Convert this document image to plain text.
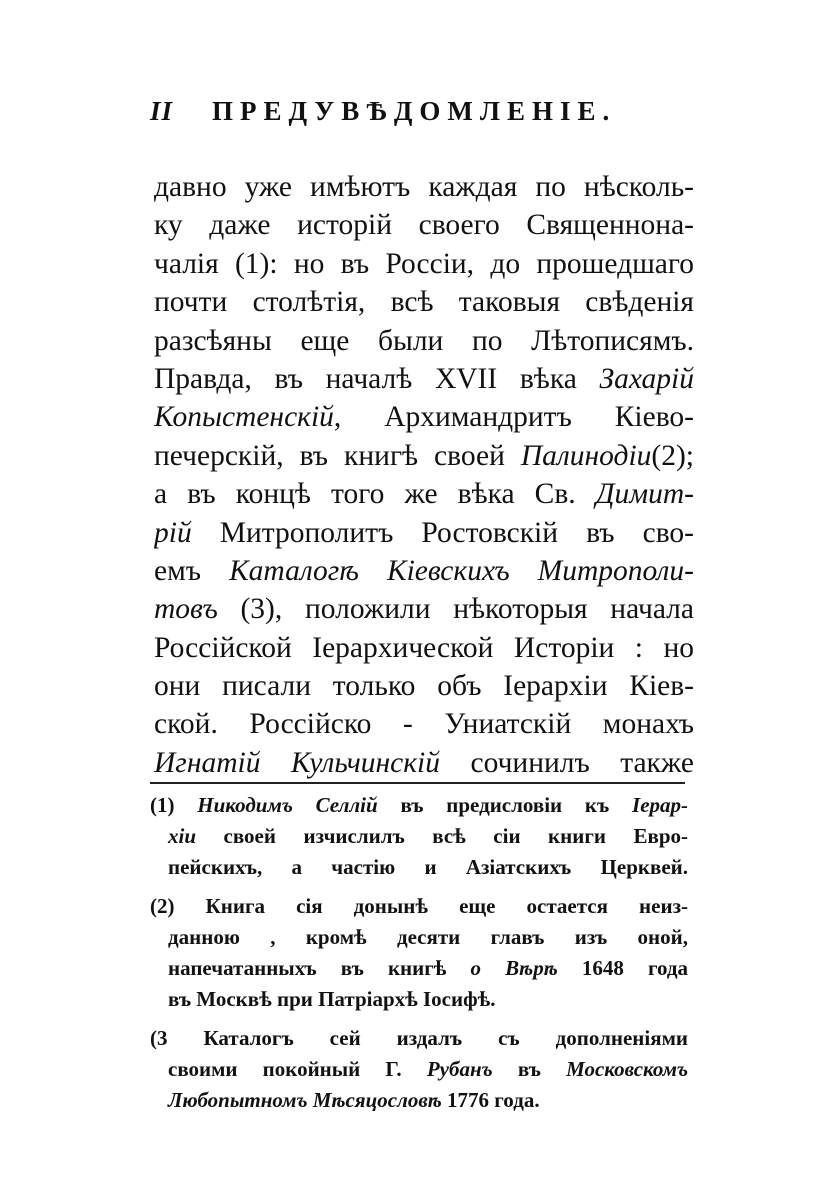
II	ПРЕДУВѢДОМЛЕНІЕ.
давно уже имѣютъ каждая по нѣсколь-
ку даже исторій своего Священнона-
чалія (1): но въ Россіи, до прошедшаго
почти столѣтія, всѣ таковыя свѣденія
разсѣяны еще были по Лѣтописямъ.
Правда, въ началѣ XVII вѣка Захарій
Копыстенскій, Архимандритъ Кіево-
печерскій, въ книгѣ своей Палинодіи(2);
а въ концѣ того же вѣка Св. Димит-
рій Митрополитъ Ростовскій въ сво-
емъ Каталогѣ Кіевскихъ Митрополи-
товъ (3), положили нѣкоторыя начала
Россійской Іерархической Исторіи : но
они писали только объ Іерархіи Кіев-
ской. Россійско - Униатскій монахъ
Игнатій Кульчинскій сочинилъ также
(1) Никодимъ Селлій въ предисловіи къ Іерар-
хіи своей изчислилъ всѣ сіи книги Евро-
пейскихъ, а частію и Азіатскихъ Церквей.
(2) Книга сія донынѣ еще остается неиз-
данною , кромѣ десяти главъ изъ оной,
напечатанныхъ въ книгѣ о Вѣрѣ 1648 года
въ Москвѣ при Патріархѣ Іосифѣ.
(3 Каталогъ сей издалъ съ дополненіями
своими покойный Г. Рубанъ въ Московскомъ
Любопытномъ Мѣсяцословѣ 1776 года.
